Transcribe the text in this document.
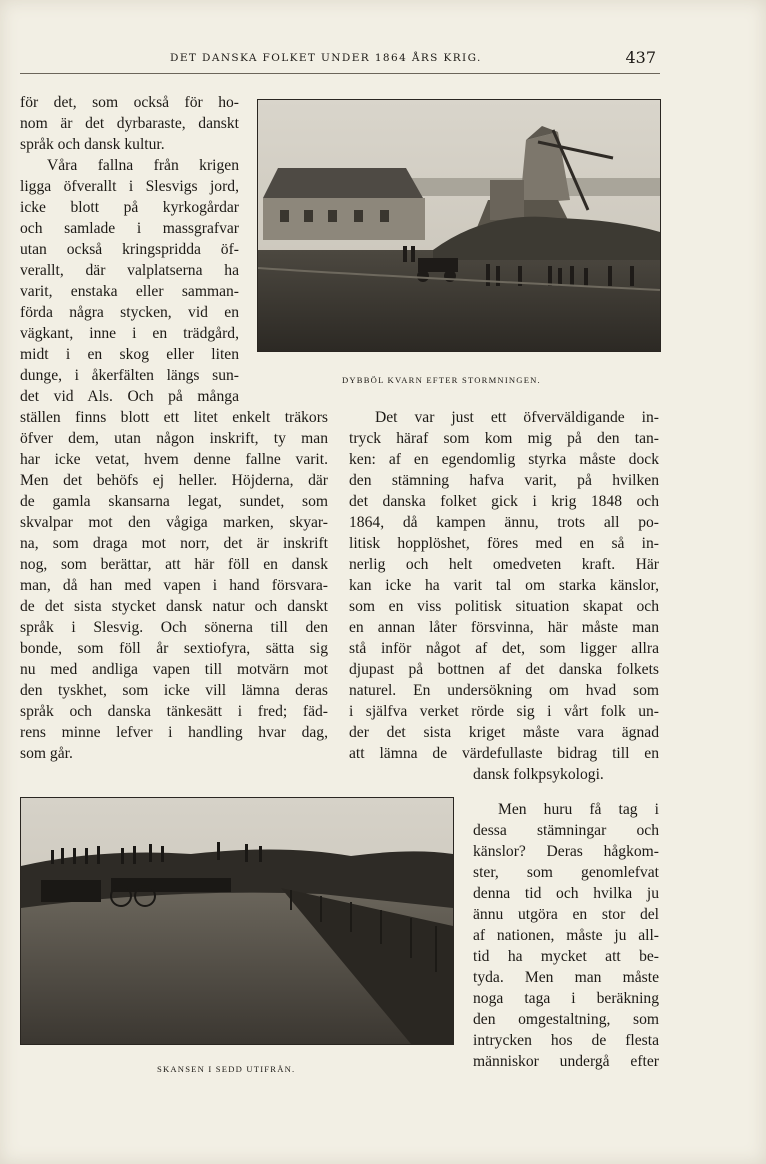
DET DANSKA FOLKET UNDER 1864 ÅRS KRIG.	437
DYBBÖL KVARN EFTER STORMNINGEN.
för det, som också för ho-
nom är det dyrbaraste, danskt
språk och dansk kultur.
Våra fallna från krigen
ligga öfverallt i Slesvigs jord,
icke blott på kyrkogårdar
och samlade i massgrafvar
utan också kringspridda öf-
verallt, där valplatserna ha
varit, enstaka eller samman-
förda några stycken, vid en
vägkant, inne i en trädgård,
midt i en skog eller liten
dunge, i åkerfälten längs sun-
det vid Als. Och på många
ställen finns blott ett litet enkelt träkors
öfver dem, utan någon inskrift, ty man
har icke vetat, hvem denne fallne varit.
Men det behöfs ej heller. Höjderna, där
de gamla skansarna legat, sundet, som
skvalpar mot den vågiga marken, skyar-
na, som draga mot norr, det är inskrift
nog, som berättar, att här föll en dansk
man, då han med vapen i hand försvara-
de det sista stycket dansk natur och danskt
språk i Slesvig. Och sönerna till den
bonde, som föll år sextiofyra, sätta sig
nu med andliga vapen till motvärn mot
den tyskhet, som icke vill lämna deras
språk och danska tänkesätt i fred; fäd-
rens minne lefver i handling hvar dag,
som går.
Det var just ett öfverväldigande in-
tryck häraf som kom mig på den tan-
ken: af en egendomlig styrka måste dock
den stämning hafva varit, på hvilken
det danska folket gick i krig 1848 och
1864, då kampen ännu, trots all po-
litisk hopplöshet, föres med en så in-
nerlig och helt omedveten kraft. Här
kan icke ha varit tal om starka känslor,
som en viss politisk situation skapat och
en annan låter försvinna, här måste man
stå inför något af det, som ligger allra
djupast på bottnen af det danska folkets
naturel. En undersökning om hvad som
i själfva verket rörde sig i vårt folk un-
der det sista kriget måste vara ägnad
att lämna de värdefullaste bidrag till en
dansk folkpsykologi.
SKANSEN I SEDD UTIFRÅN.
Men huru få tag i
dessa stämningar och
känslor? Deras hågkom-
ster, som genomlefvat
denna tid och hvilka ju
ännu utgöra en stor del
af nationen, måste ju all-
tid ha mycket att be-
tyda. Men man måste
noga taga i beräkning
den omgestaltning, som
intrycken hos de flesta
människor undergå efter
